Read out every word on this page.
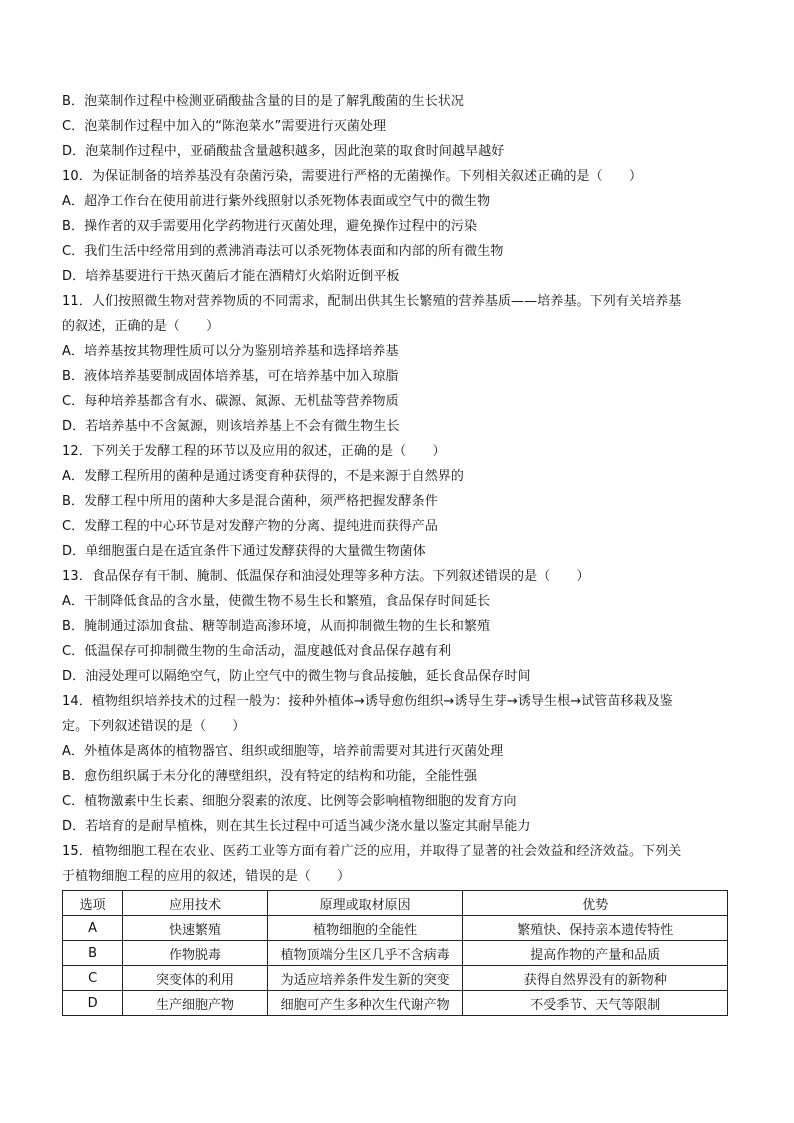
B．泡菜制作过程中检测亚硝酸盐含量的目的是了解乳酸菌的生长状况
C．泡菜制作过程中加入的“陈泡菜水”需要进行灭菌处理
D．泡菜制作过程中，亚硝酸盐含量越积越多，因此泡菜的取食时间越早越好
10．为保证制备的培养基没有杂菌污染，需要进行严格的无菌操作。下列相关叙述正确的是（　　）
A．超净工作台在使用前进行紫外线照射以杀死物体表面或空气中的微生物
B．操作者的双手需要用化学药物进行灭菌处理，避免操作过程中的污染
C．我们生活中经常用到的煮沸消毒法可以杀死物体表面和内部的所有微生物
D．培养基要进行干热灭菌后才能在酒精灯火焰附近倒平板
11．人们按照微生物对营养物质的不同需求，配制出供其生长繁殖的营养基质——培养基。下列有关培养基
的叙述，正确的是（　　）
A．培养基按其物理性质可以分为鉴别培养基和选择培养基
B．液体培养基要制成固体培养基，可在培养基中加入琼脂
C．每种培养基都含有水、碳源、氮源、无机盐等营养物质
D．若培养基中不含氮源，则该培养基上不会有微生物生长
12．下列关于发酵工程的环节以及应用的叙述，正确的是（　　）
A．发酵工程所用的菌种是通过诱变育种获得的，不是来源于自然界的
B．发酵工程中所用的菌种大多是混合菌种，须严格把握发酵条件
C．发酵工程的中心环节是对发酵产物的分离、提纯进而获得产品
D．单细胞蛋白是在适宜条件下通过发酵获得的大量微生物菌体
13．食品保存有干制、腌制、低温保存和油浸处理等多种方法。下列叙述错误的是（　　）
A．干制降低食品的含水量，使微生物不易生长和繁殖，食品保存时间延长
B．腌制通过添加食盐、糖等制造高渗环境，从而抑制微生物的生长和繁殖
C．低温保存可抑制微生物的生命活动，温度越低对食品保存越有利
D．油浸处理可以隔绝空气，防止空气中的微生物与食品接触，延长食品保存时间
14．植物组织培养技术的过程一般为：接种外植体→诱导愈伤组织→诱导生芽→诱导生根→试管苗移栽及鉴
定。下列叙述错误的是（　　）
A．外植体是离体的植物器官、组织或细胞等，培养前需要对其进行灭菌处理
B．愈伤组织属于未分化的薄壁组织，没有特定的结构和功能，全能性强
C．植物激素中生长素、细胞分裂素的浓度、比例等会影响植物细胞的发育方向
D．若培育的是耐旱植株，则在其生长过程中可适当减少浇水量以鉴定其耐旱能力
15．植物细胞工程在农业、医药工业等方面有着广泛的应用，并取得了显著的社会效益和经济效益。下列关
于植物细胞工程的应用的叙述，错误的是（　　）
选项	应用技术	原理或取材原因	优势
A	快速繁殖	植物细胞的全能性	繁殖快、保持亲本遗传特性
B	作物脱毒	植物顶端分生区几乎不含病毒	提高作物的产量和品质
C	突变体的利用	为适应培养条件发生新的突变	获得自然界没有的新物种
D	生产细胞产物	细胞可产生多种次生代谢产物	不受季节、天气等限制
